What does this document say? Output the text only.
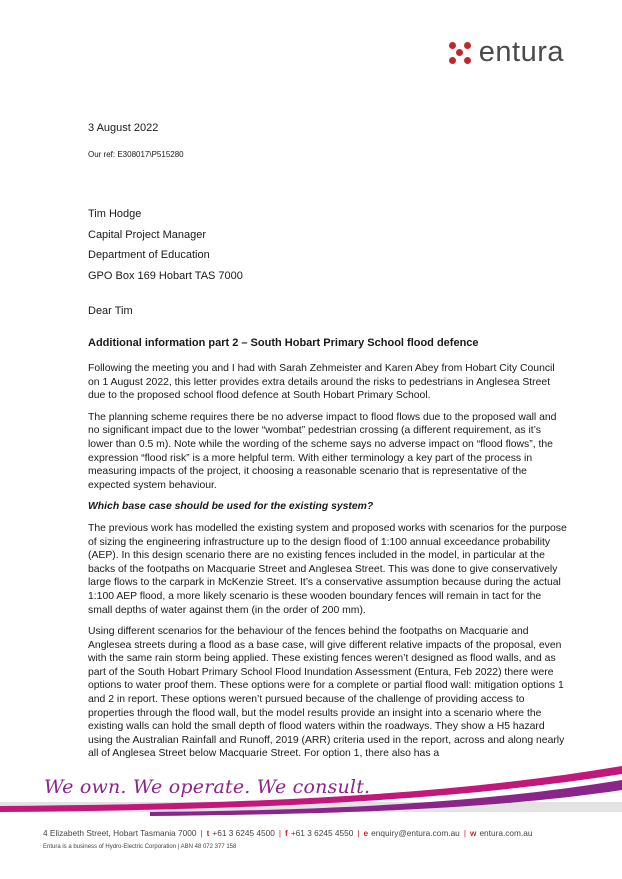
entura
3 August 2022
Our ref: E308017\P515280
Tim Hodge
Capital Project Manager
Department of Education
GPO Box 169 Hobart TAS 7000
Dear Tim
Additional information part 2 – South Hobart Primary School flood defence

Following the meeting you and I had with Sarah Zehmeister and Karen Abey from Hobart City Council on 1 August 2022, this letter provides extra details around the risks to pedestrians in Anglesea Street due to the proposed school flood defence at South Hobart Primary School.

The planning scheme requires there be no adverse impact to flood flows due to the proposed wall and no significant impact due to the lower “wombat” pedestrian crossing (a different requirement, as it’s lower than 0.5 m). Note while the wording of the scheme says no adverse impact on “flood flows”, the expression “flood risk” is a more helpful term. With either terminology a key part of the process in measuring impacts of the project, it choosing a reasonable scenario that is representative of the expected system behaviour.

Which base case should be used for the existing system?

The previous work has modelled the existing system and proposed works with scenarios for the purpose of sizing the engineering infrastructure up to the design flood of 1:100 annual exceedance probability (AEP). In this design scenario there are no existing fences included in the model, in particular at the backs of the footpaths on Macquarie Street and Anglesea Street. This was done to give conservatively large flows to the carpark in McKenzie Street. It’s a conservative assumption because during the actual 1:100 AEP flood, a more likely scenario is these wooden boundary fences will remain in tact for the small depths of water against them (in the order of 200 mm).

Using different scenarios for the behaviour of the fences behind the footpaths on Macquarie and Anglesea streets during a flood as a base case, will give different relative impacts of the proposal, even with the same rain storm being applied. These existing fences weren’t designed as flood walls, and as part of the South Hobart Primary School Flood Inundation Assessment (Entura, Feb 2022) there were options to water proof them. These options were for a complete or partial flood wall: mitigation options 1 and 2 in report. These options weren’t pursued because of the challenge of providing access to properties through the flood wall, but the model results provide an insight into a scenario where the existing walls can hold the small depth of flood waters within the roadways. They show a H5 hazard using the Australian Rainfall and Runoff, 2019 (ARR) criteria used in the report, across and along nearly all of Anglesea Street below Macquarie Street. For option 1, there also has a

We own. We operate. We consult.
4 Elizabeth Street, Hobart Tasmania 7000 | t +61 3 6245 4500 | f +61 3 6245 4550 | e enquiry@entura.com.au | w entura.com.au
Entura is a business of Hydro-Electric Corporation | ABN 48 072 377 158
